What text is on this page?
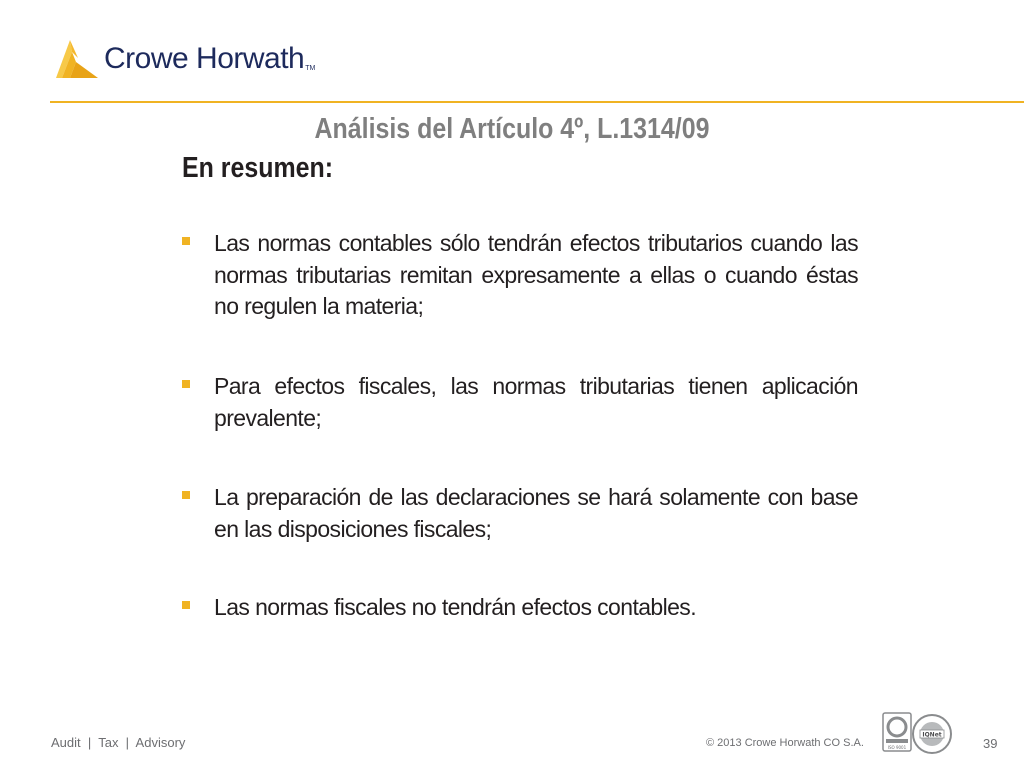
Crowe Horwath TM
Análisis del Artículo 4º, L.1314/09
En resumen:
Las normas contables sólo tendrán efectos tributarios cuando las normas tributarias remitan expresamente a ellas o cuando éstas no regulen la materia;
Para efectos fiscales, las normas tributarias tienen aplicación prevalente;
La preparación de las declaraciones se hará solamente con base en las disposiciones fiscales;
Las normas fiscales no tendrán efectos contables.
Audit  |  Tax  |  Advisory	© 2013 Crowe Horwath CO S.A.	ISO 9001
IQNet
39
